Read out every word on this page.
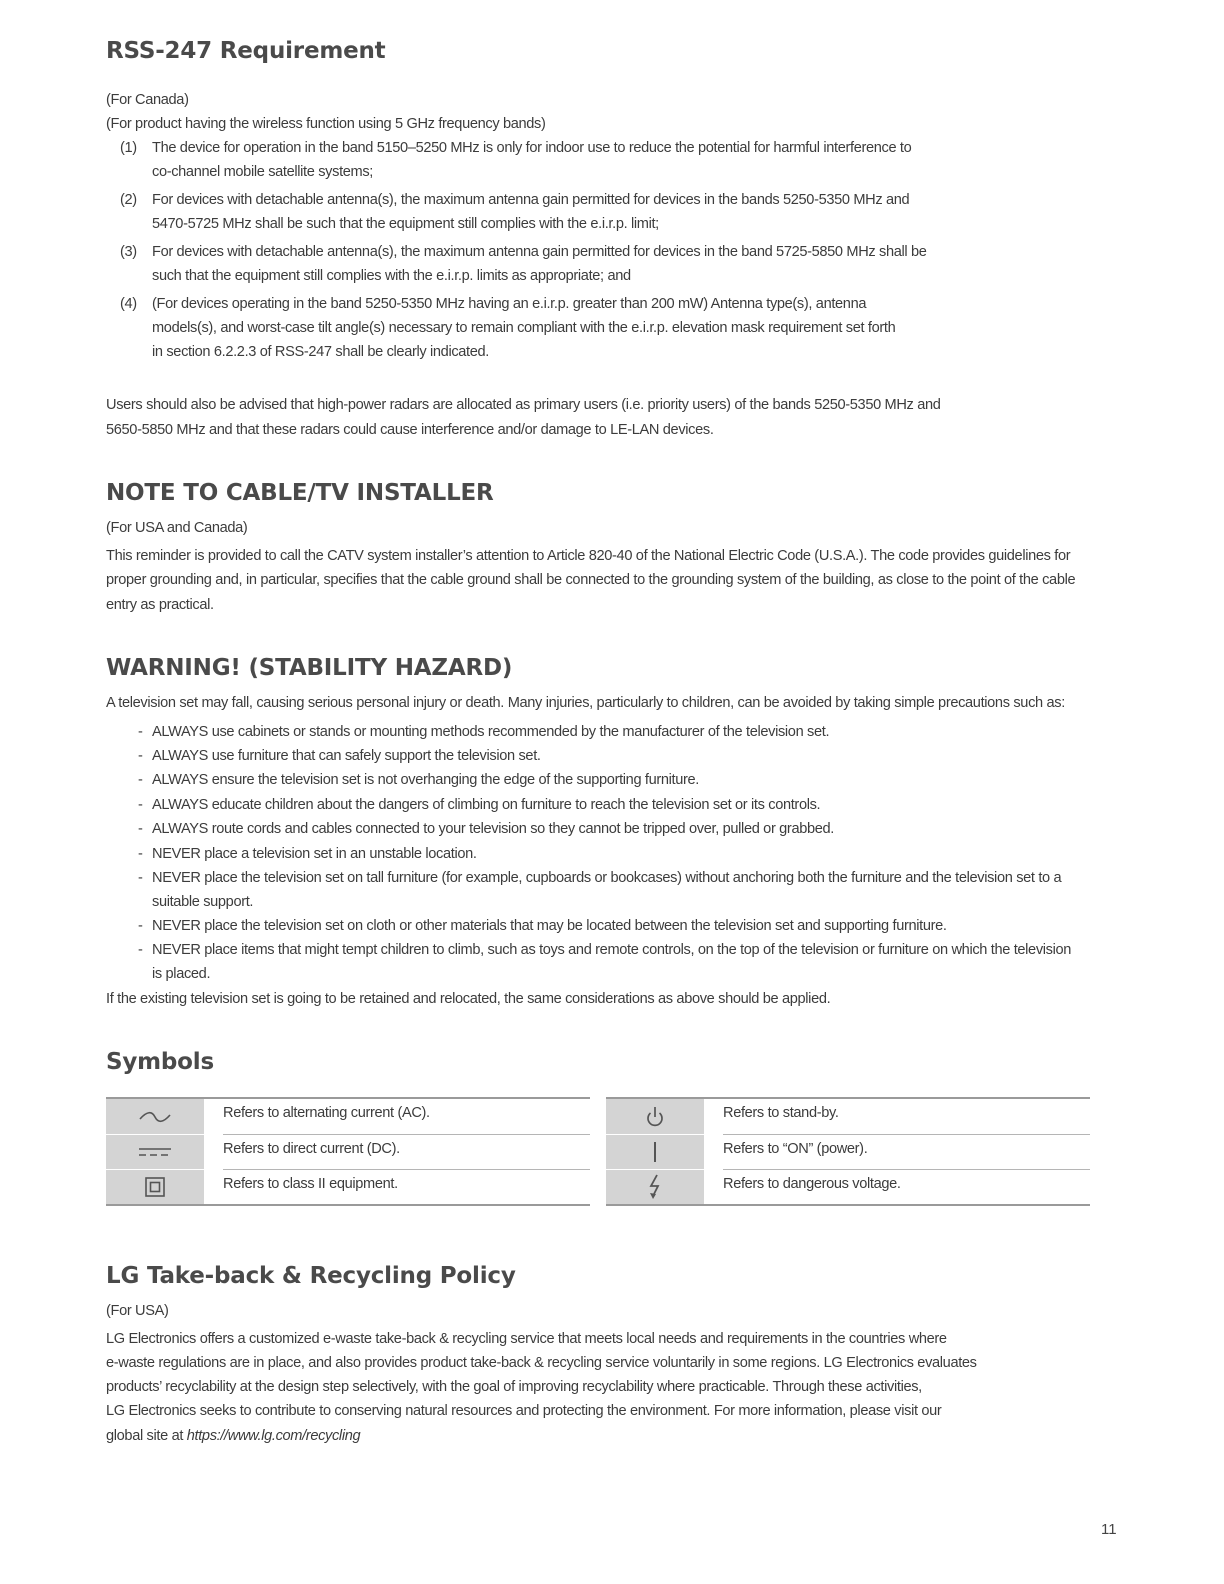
RSS-247 Requirement

(For Canada)

(For product having the wireless function using 5 GHz frequency bands)

(1) The device for operation in the band 5150–5250 MHz is only for indoor use to reduce the potential for harmful interference to

co-channel mobile satellite systems;

(2) For devices with detachable antenna(s), the maximum antenna gain permitted for devices in the bands 5250-5350 MHz and

5470-5725 MHz shall be such that the equipment still complies with the e.i.r.p. limit;

(3) For devices with detachable antenna(s), the maximum antenna gain permitted for devices in the band 5725-5850 MHz shall be

such that the equipment still complies with the e.i.r.p. limits as appropriate; and

(4) (For devices operating in the band 5250-5350 MHz having an e.i.r.p. greater than 200 mW) Antenna type(s), antenna

models(s), and worst-case tilt angle(s) necessary to remain compliant with the e.i.r.p. elevation mask requirement set forth

in section 6.2.2.3 of RSS-247 shall be clearly indicated.

Users should also be advised that high-power radars are allocated as primary users (i.e. priority users) of the bands 5250-5350 MHz and

5650-5850 MHz and that these radars could cause interference and/or damage to LE-LAN devices.

NOTE TO CABLE/TV INSTALLER

(For USA and Canada)

This reminder is provided to call the CATV system installer’s attention to Article 820-40 of the National Electric Code (U.S.A.). The code provides guidelines for

proper grounding and, in particular, specifies that the cable ground shall be connected to the grounding system of the building, as close to the point of the cable

entry as practical.

WARNING! (STABILITY HAZARD)

A television set may fall, causing serious personal injury or death. Many injuries, particularly to children, can be avoided by taking simple precautions such as:

- ALWAYS use cabinets or stands or mounting methods recommended by the manufacturer of the television set.

- ALWAYS use furniture that can safely support the television set.

- ALWAYS ensure the television set is not overhanging the edge of the supporting furniture.

- ALWAYS educate children about the dangers of climbing on furniture to reach the television set or its controls.

- ALWAYS route cords and cables connected to your television so they cannot be tripped over, pulled or grabbed.

- NEVER place a television set in an unstable location.

- NEVER place the television set on tall furniture (for example, cupboards or bookcases) without anchoring both the furniture and the television set to a

suitable support.

- NEVER place the television set on cloth or other materials that may be located between the television set and supporting furniture.

- NEVER place items that might tempt children to climb, such as toys and remote controls, on the top of the television or furniture on which the television

is placed.

If the existing television set is going to be retained and relocated, the same considerations as above should be applied.

Symbols
Refers to alternating current (AC).
Refers to direct current (DC).
Refers to class II equipment.
Refers to stand-by.
Refers to “ON” (power).
Refers to dangerous voltage.
LG Take-back & Recycling Policy

(For USA)

LG Electronics offers a customized e-waste take-back & recycling service that meets local needs and requirements in the countries where

e-waste regulations are in place, and also provides product take-back & recycling service voluntarily in some regions. LG Electronics evaluates

products’ recyclability at the design step selectively, with the goal of improving recyclability where practicable. Through these activities,

LG Electronics seeks to contribute to conserving natural resources and protecting the environment. For more information, please visit our

global site at https://www.lg.com/recycling

11
